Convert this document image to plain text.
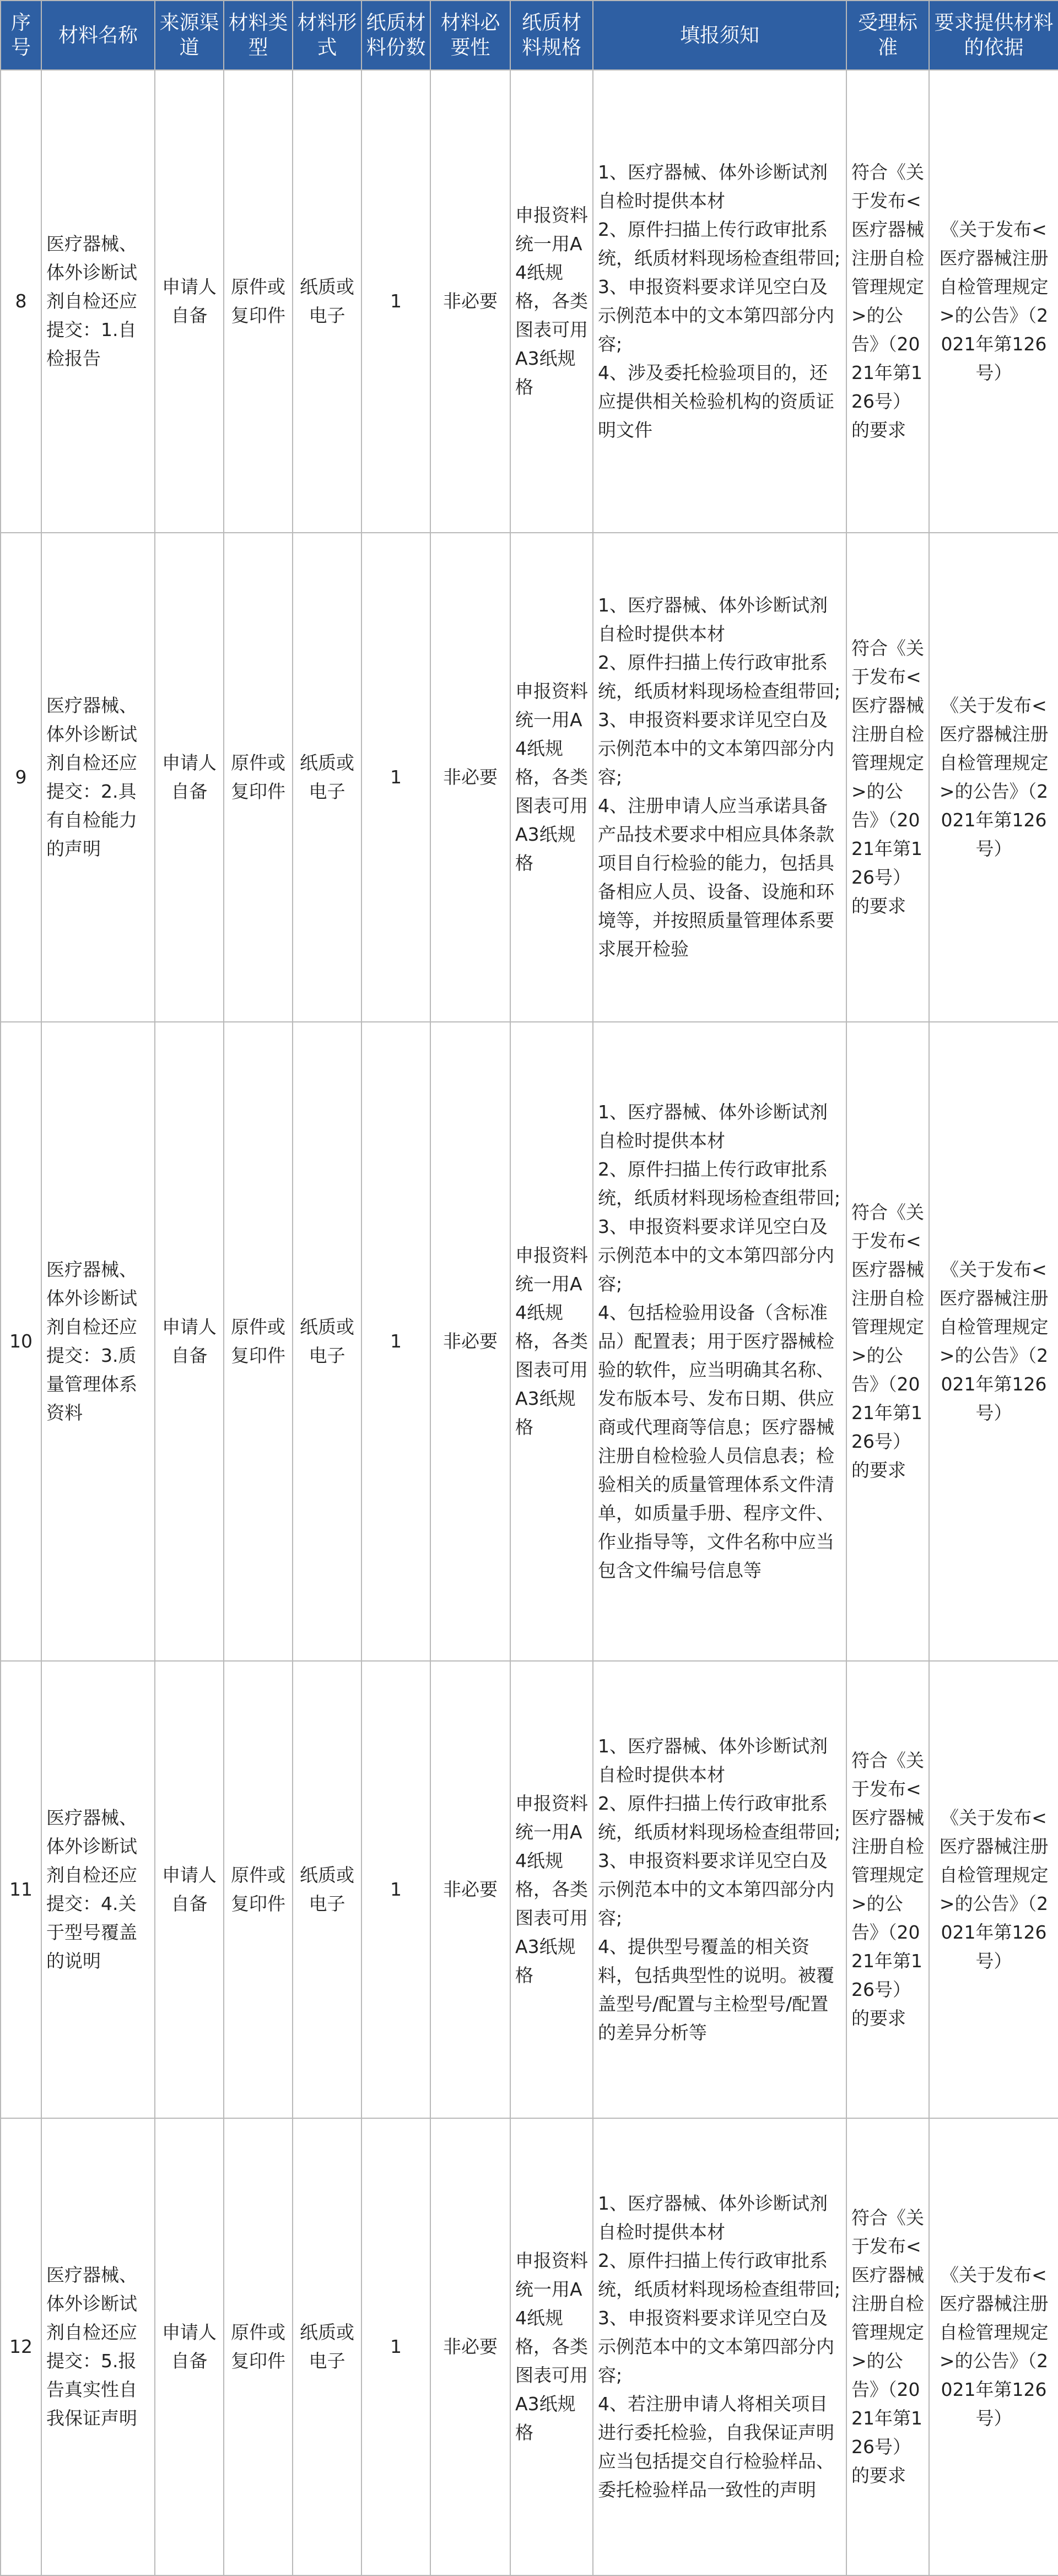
序号	材料名称	来源渠道	材料类型	材料形式	纸质材料份数	材料必要性	纸质材料规格	填报须知	受理标准	要求提供材料的依据
8	医疗器械、体外诊断试剂自检还应提交：1.自检报告	申请人自备	原件或复印件	纸质或电子	1	非必要	申报资料统一用A4纸规格，各类图表可用A3纸规格	1、医疗器械、体外诊断试剂自检时提供本材
2、原件扫描上传行政审批系统，纸质材料现场检查组带回;
3、申报资料要求详见空白及示例范本中的文本第四部分内容;
4、涉及委托检验项目的，还应提供相关检验机构的资质证明文件	符合《关于发布<医疗器械注册自检管理规定>的公告》（2021年第126号）的要求	《关于发布<医疗器械注册自检管理规定>的公告》（2021年第126号）
9	医疗器械、体外诊断试剂自检还应提交：2.具有自检能力的声明	申请人自备	原件或复印件	纸质或电子	1	非必要	申报资料统一用A4纸规格，各类图表可用A3纸规格	1、医疗器械、体外诊断试剂自检时提供本材
2、原件扫描上传行政审批系统，纸质材料现场检查组带回;
3、申报资料要求详见空白及示例范本中的文本第四部分内容;
4、注册申请人应当承诺具备产品技术要求中相应具体条款项目自行检验的能力，包括具备相应人员、设备、设施和环境等，并按照质量管理体系要求展开检验	符合《关于发布<医疗器械注册自检管理规定>的公告》（2021年第126号）的要求	《关于发布<医疗器械注册自检管理规定>的公告》（2021年第126号）
10	医疗器械、体外诊断试剂自检还应提交：3.质量管理体系资料	申请人自备	原件或复印件	纸质或电子	1	非必要	申报资料统一用A4纸规格，各类图表可用A3纸规格	1、医疗器械、体外诊断试剂自检时提供本材
2、原件扫描上传行政审批系统，纸质材料现场检查组带回;
3、申报资料要求详见空白及示例范本中的文本第四部分内容;
4、包括检验用设备（含标准品）配置表；用于医疗器械检验的软件，应当明确其名称、发布版本号、发布日期、供应商或代理商等信息；医疗器械注册自检检验人员信息表；检验相关的质量管理体系文件清单，如质量手册、程序文件、作业指导等，文件名称中应当包含文件编号信息等	符合《关于发布<医疗器械注册自检管理规定>的公告》（2021年第126号）的要求	《关于发布<医疗器械注册自检管理规定>的公告》（2021年第126号）
11	医疗器械、体外诊断试剂自检还应提交：4.关于型号覆盖的说明	申请人自备	原件或复印件	纸质或电子	1	非必要	申报资料统一用A4纸规格，各类图表可用A3纸规格	1、医疗器械、体外诊断试剂自检时提供本材
2、原件扫描上传行政审批系统，纸质材料现场检查组带回;
3、申报资料要求详见空白及示例范本中的文本第四部分内容;
4、提供型号覆盖的相关资料，包括典型性的说明。被覆盖型号/配置与主检型号/配置的差异分析等	符合《关于发布<医疗器械注册自检管理规定>的公告》（2021年第126号）的要求	《关于发布<医疗器械注册自检管理规定>的公告》（2021年第126号）
12	医疗器械、体外诊断试剂自检还应提交：5.报告真实性自我保证声明	申请人自备	原件或复印件	纸质或电子	1	非必要	申报资料统一用A4纸规格，各类图表可用A3纸规格	1、医疗器械、体外诊断试剂自检时提供本材
2、原件扫描上传行政审批系统，纸质材料现场检查组带回;
3、申报资料要求详见空白及示例范本中的文本第四部分内容;
4、若注册申请人将相关项目进行委托检验，自我保证声明应当包括提交自行检验样品、委托检验样品一致性的声明	符合《关于发布<医疗器械注册自检管理规定>的公告》（2021年第126号）的要求	《关于发布<医疗器械注册自检管理规定>的公告》（2021年第126号）
